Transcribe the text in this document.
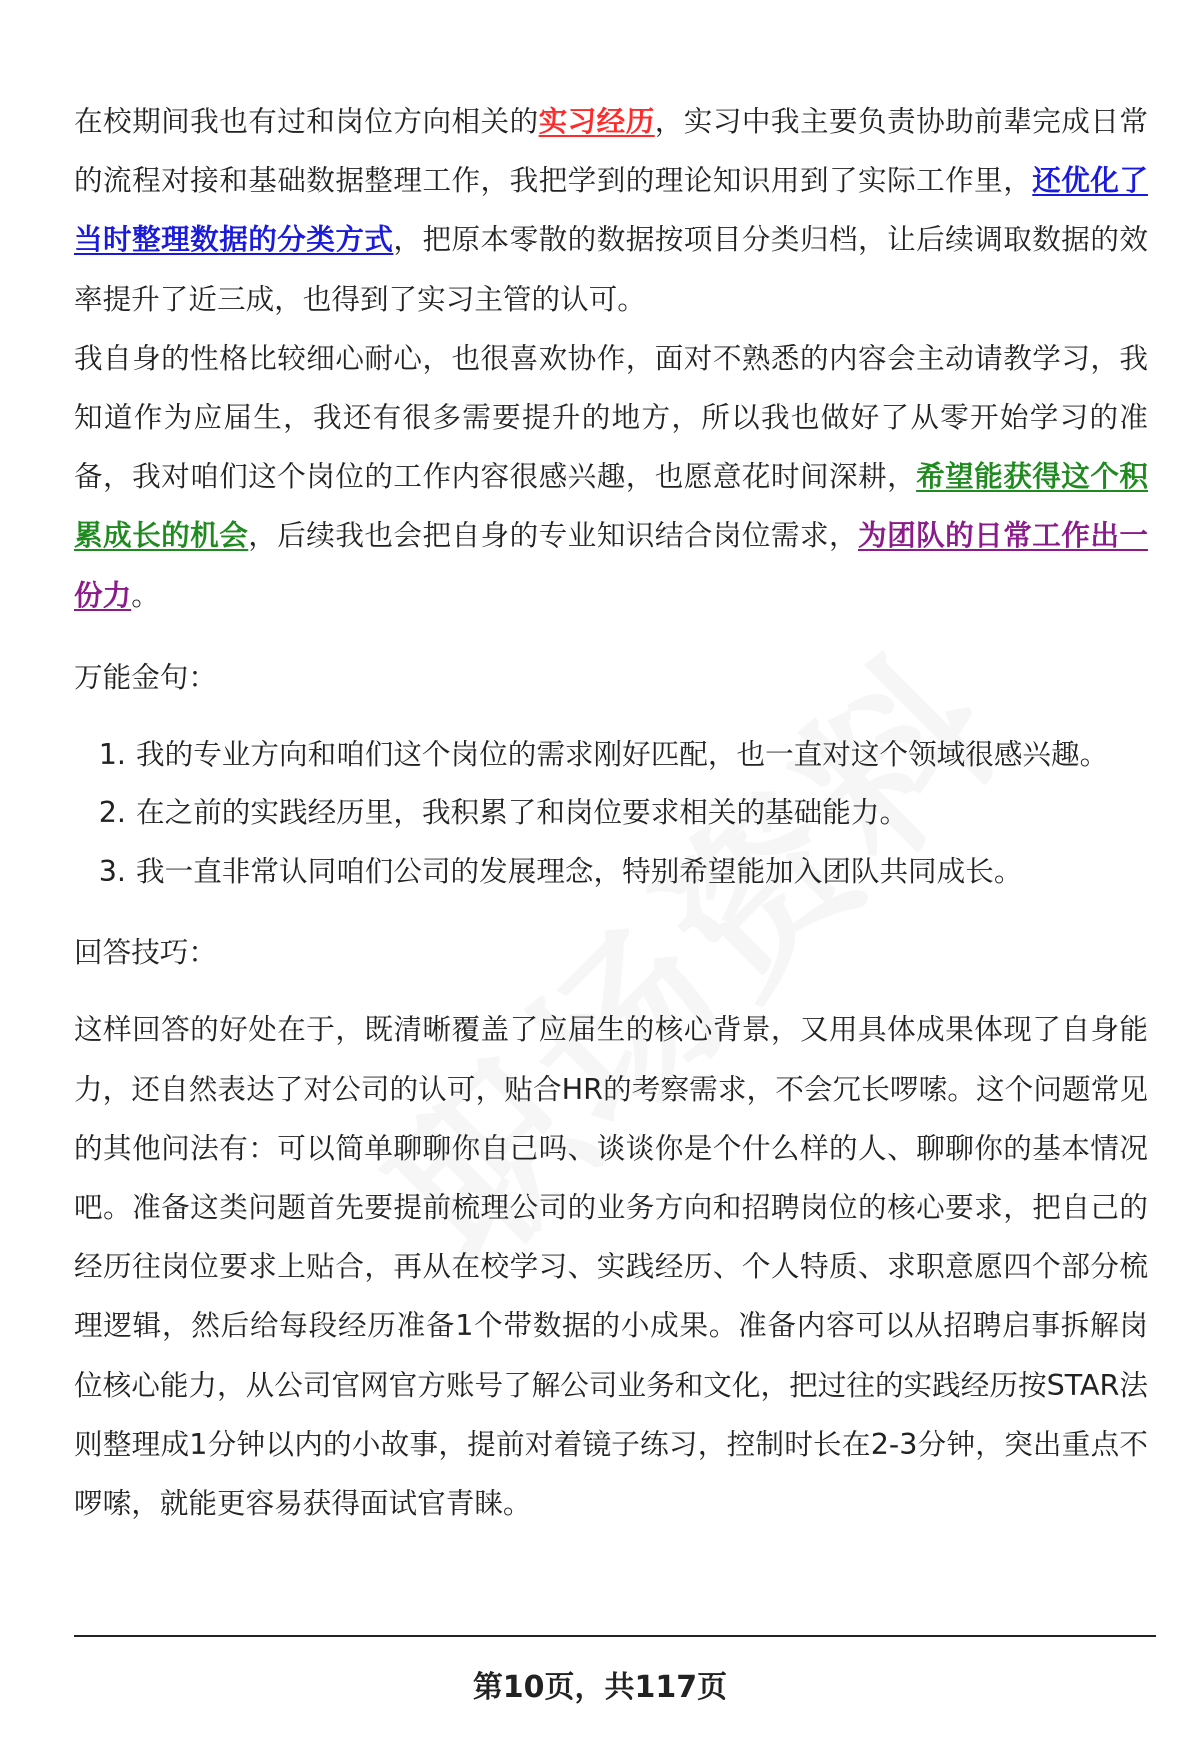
在校期间我也有过和岗位方向相关的实习经历，实习中我主要负责协助前辈完成日常的流程对接和基础数据整理工作，我把学到的理论知识用到了实际工作里，还优化了当时整理数据的分类方式，把原本零散的数据按项目分类归档，让后续调取数据的效率提升了近三成，也得到了实习主管的认可。

我自身的性格比较细心耐心，也很喜欢协作，面对不熟悉的内容会主动请教学习，我知道作为应届生，我还有很多需要提升的地方，所以我也做好了从零开始学习的准备，我对咱们这个岗位的工作内容很感兴趣，也愿意花时间深耕，希望能获得这个积累成长的机会，后续我也会把自身的专业知识结合岗位需求，为团队的日常工作出一份力。

万能金句：

1. 我的专业方向和咱们这个岗位的需求刚好匹配，也一直对这个领域很感兴趣。
2. 在之前的实践经历里，我积累了和岗位要求相关的基础能力。
3. 我一直非常认同咱们公司的发展理念，特别希望能加入团队共同成长。

回答技巧：

这样回答的好处在于，既清晰覆盖了应届生的核心背景，又用具体成果体现了自身能力，还自然表达了对公司的认可，贴合HR的考察需求，不会冗长啰嗦。这个问题常见的其他问法有：可以简单聊聊你自己吗、谈谈你是个什么样的人、聊聊你的基本情况吧。准备这类问题首先要提前梳理公司的业务方向和招聘岗位的核心要求，把自己的经历往岗位要求上贴合，再从在校学习、实践经历、个人特质、求职意愿四个部分梳理逻辑，然后给每段经历准备1个带数据的小成果。准备内容可以从招聘启事拆解岗位核心能力，从公司官网官方账号了解公司业务和文化，把过往的实践经历按STAR法则整理成1分钟以内的小故事，提前对着镜子练习，控制时长在2-3分钟，突出重点不啰嗦，就能更容易获得面试官青睐。

第10页，共117页
